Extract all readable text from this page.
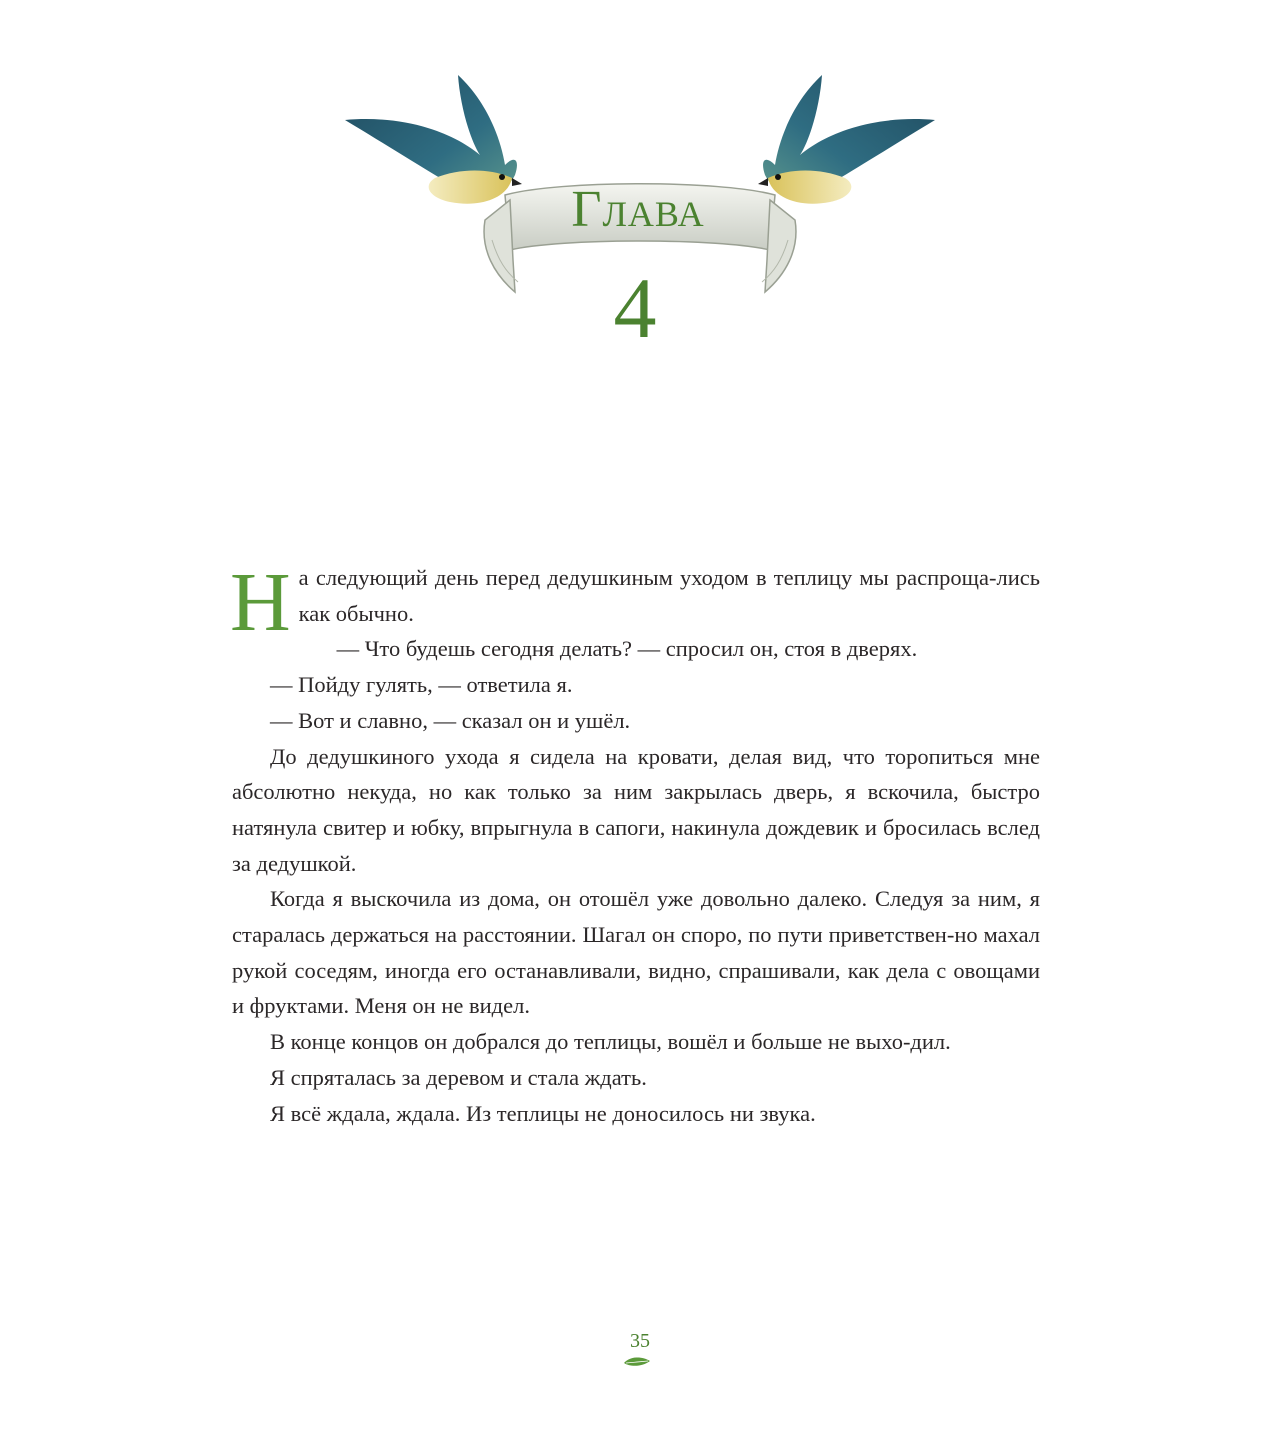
Глава
4

На следующий день перед дедушкиным уходом в теплицу мы распроща-лись как обычно.

— Что будешь сегодня делать? — спросил он, стоя в дверях.

— Пойду гулять, — ответила я.

— Вот и славно, — сказал он и ушёл.

До дедушкиного ухода я сидела на кровати, делая вид, что торопиться мне абсолютно некуда, но как только за ним закрылась дверь, я вскочила, быстро натянула свитер и юбку, впрыгнула в сапоги, накинула дождевик и бросилась вслед за дедушкой.

Когда я выскочила из дома, он отошёл уже довольно далеко. Следуя за ним, я старалась держаться на расстоянии. Шагал он споро, по пути приветствен-но махал рукой соседям, иногда его останавливали, видно, спрашивали, как дела с овощами и фруктами. Меня он не видел.

В конце концов он добрался до теплицы, вошёл и больше не выхо-дил.

Я спряталась за деревом и стала ждать.

Я всё ждала, ждала. Из теплицы не доносилось ни звука.

35
